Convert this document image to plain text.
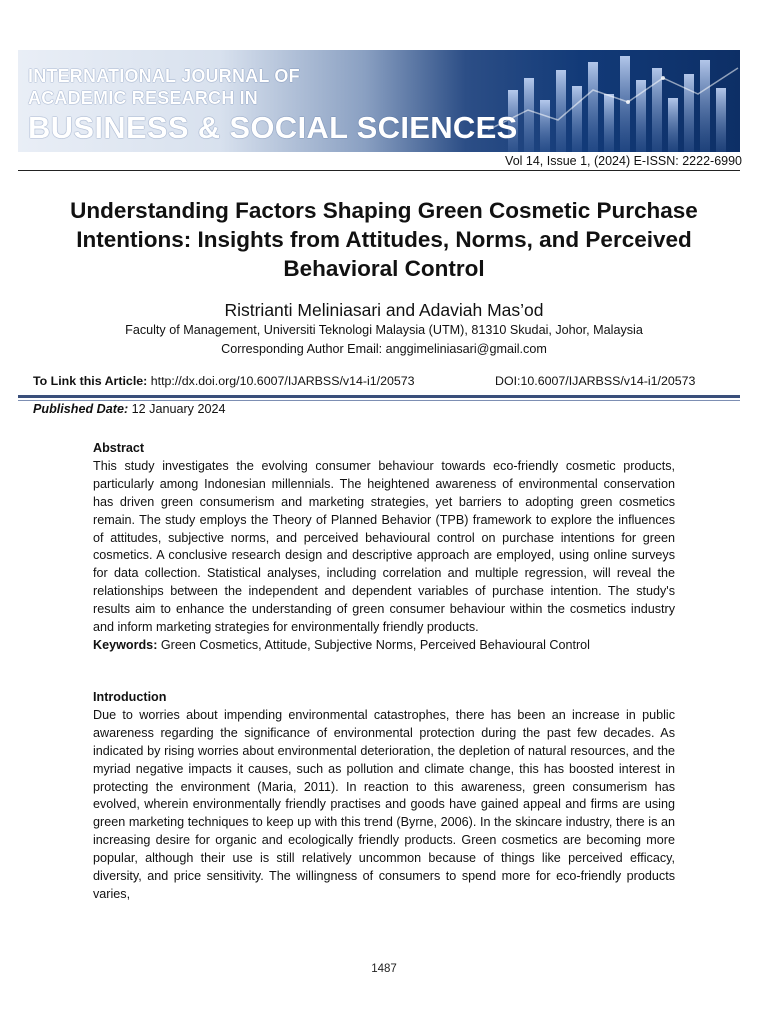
INTERNATIONAL JOURNAL OF
ACADEMIC RESEARCH IN
BUSINESS & SOCIAL SCIENCES
Vol 14, Issue 1, (2024) E-ISSN: 2222-6990
Understanding Factors Shaping Green Cosmetic Purchase Intentions: Insights from Attitudes, Norms, and Perceived Behavioral Control
Ristrianti Meliniasari and Adaviah Mas’od
Faculty of Management, Universiti Teknologi Malaysia (UTM), 81310 Skudai, Johor, Malaysia
Corresponding Author Email: anggimeliniasari@gmail.com
To Link this Article: http://dx.doi.org/10.6007/IJARBSS/v14-i1/20573	DOI:10.6007/IJARBSS/v14-i1/20573
Published Date: 12 January 2024
Abstract

This study investigates the evolving consumer behaviour towards eco-friendly cosmetic products, particularly among Indonesian millennials. The heightened awareness of environmental conservation has driven green consumerism and marketing strategies, yet barriers to adopting green cosmetics remain. The study employs the Theory of Planned Behavior (TPB) framework to explore the influences of attitudes, subjective norms, and perceived behavioural control on purchase intentions for green cosmetics. A conclusive research design and descriptive approach are employed, using online surveys for data collection. Statistical analyses, including correlation and multiple regression, will reveal the relationships between the independent and dependent variables of purchase intention. The study's results aim to enhance the understanding of green consumer behaviour within the cosmetics industry and inform marketing strategies for environmentally friendly products.

Keywords: Green Cosmetics, Attitude, Subjective Norms, Perceived Behavioural Control
Introduction

Due to worries about impending environmental catastrophes, there has been an increase in public awareness regarding the significance of environmental protection during the past few decades. As indicated by rising worries about environmental deterioration, the depletion of natural resources, and the myriad negative impacts it causes, such as pollution and climate change, this has boosted interest in protecting the environment (Maria, 2011). In reaction to this awareness, green consumerism has evolved, wherein environmentally friendly practises and goods have gained appeal and firms are using green marketing techniques to keep up with this trend (Byrne, 2006). In the skincare industry, there is an increasing desire for organic and ecologically friendly products. Green cosmetics are becoming more popular, although their use is still relatively uncommon because of things like perceived efficacy, diversity, and price sensitivity. The willingness of consumers to spend more for eco-friendly products varies,

1487
